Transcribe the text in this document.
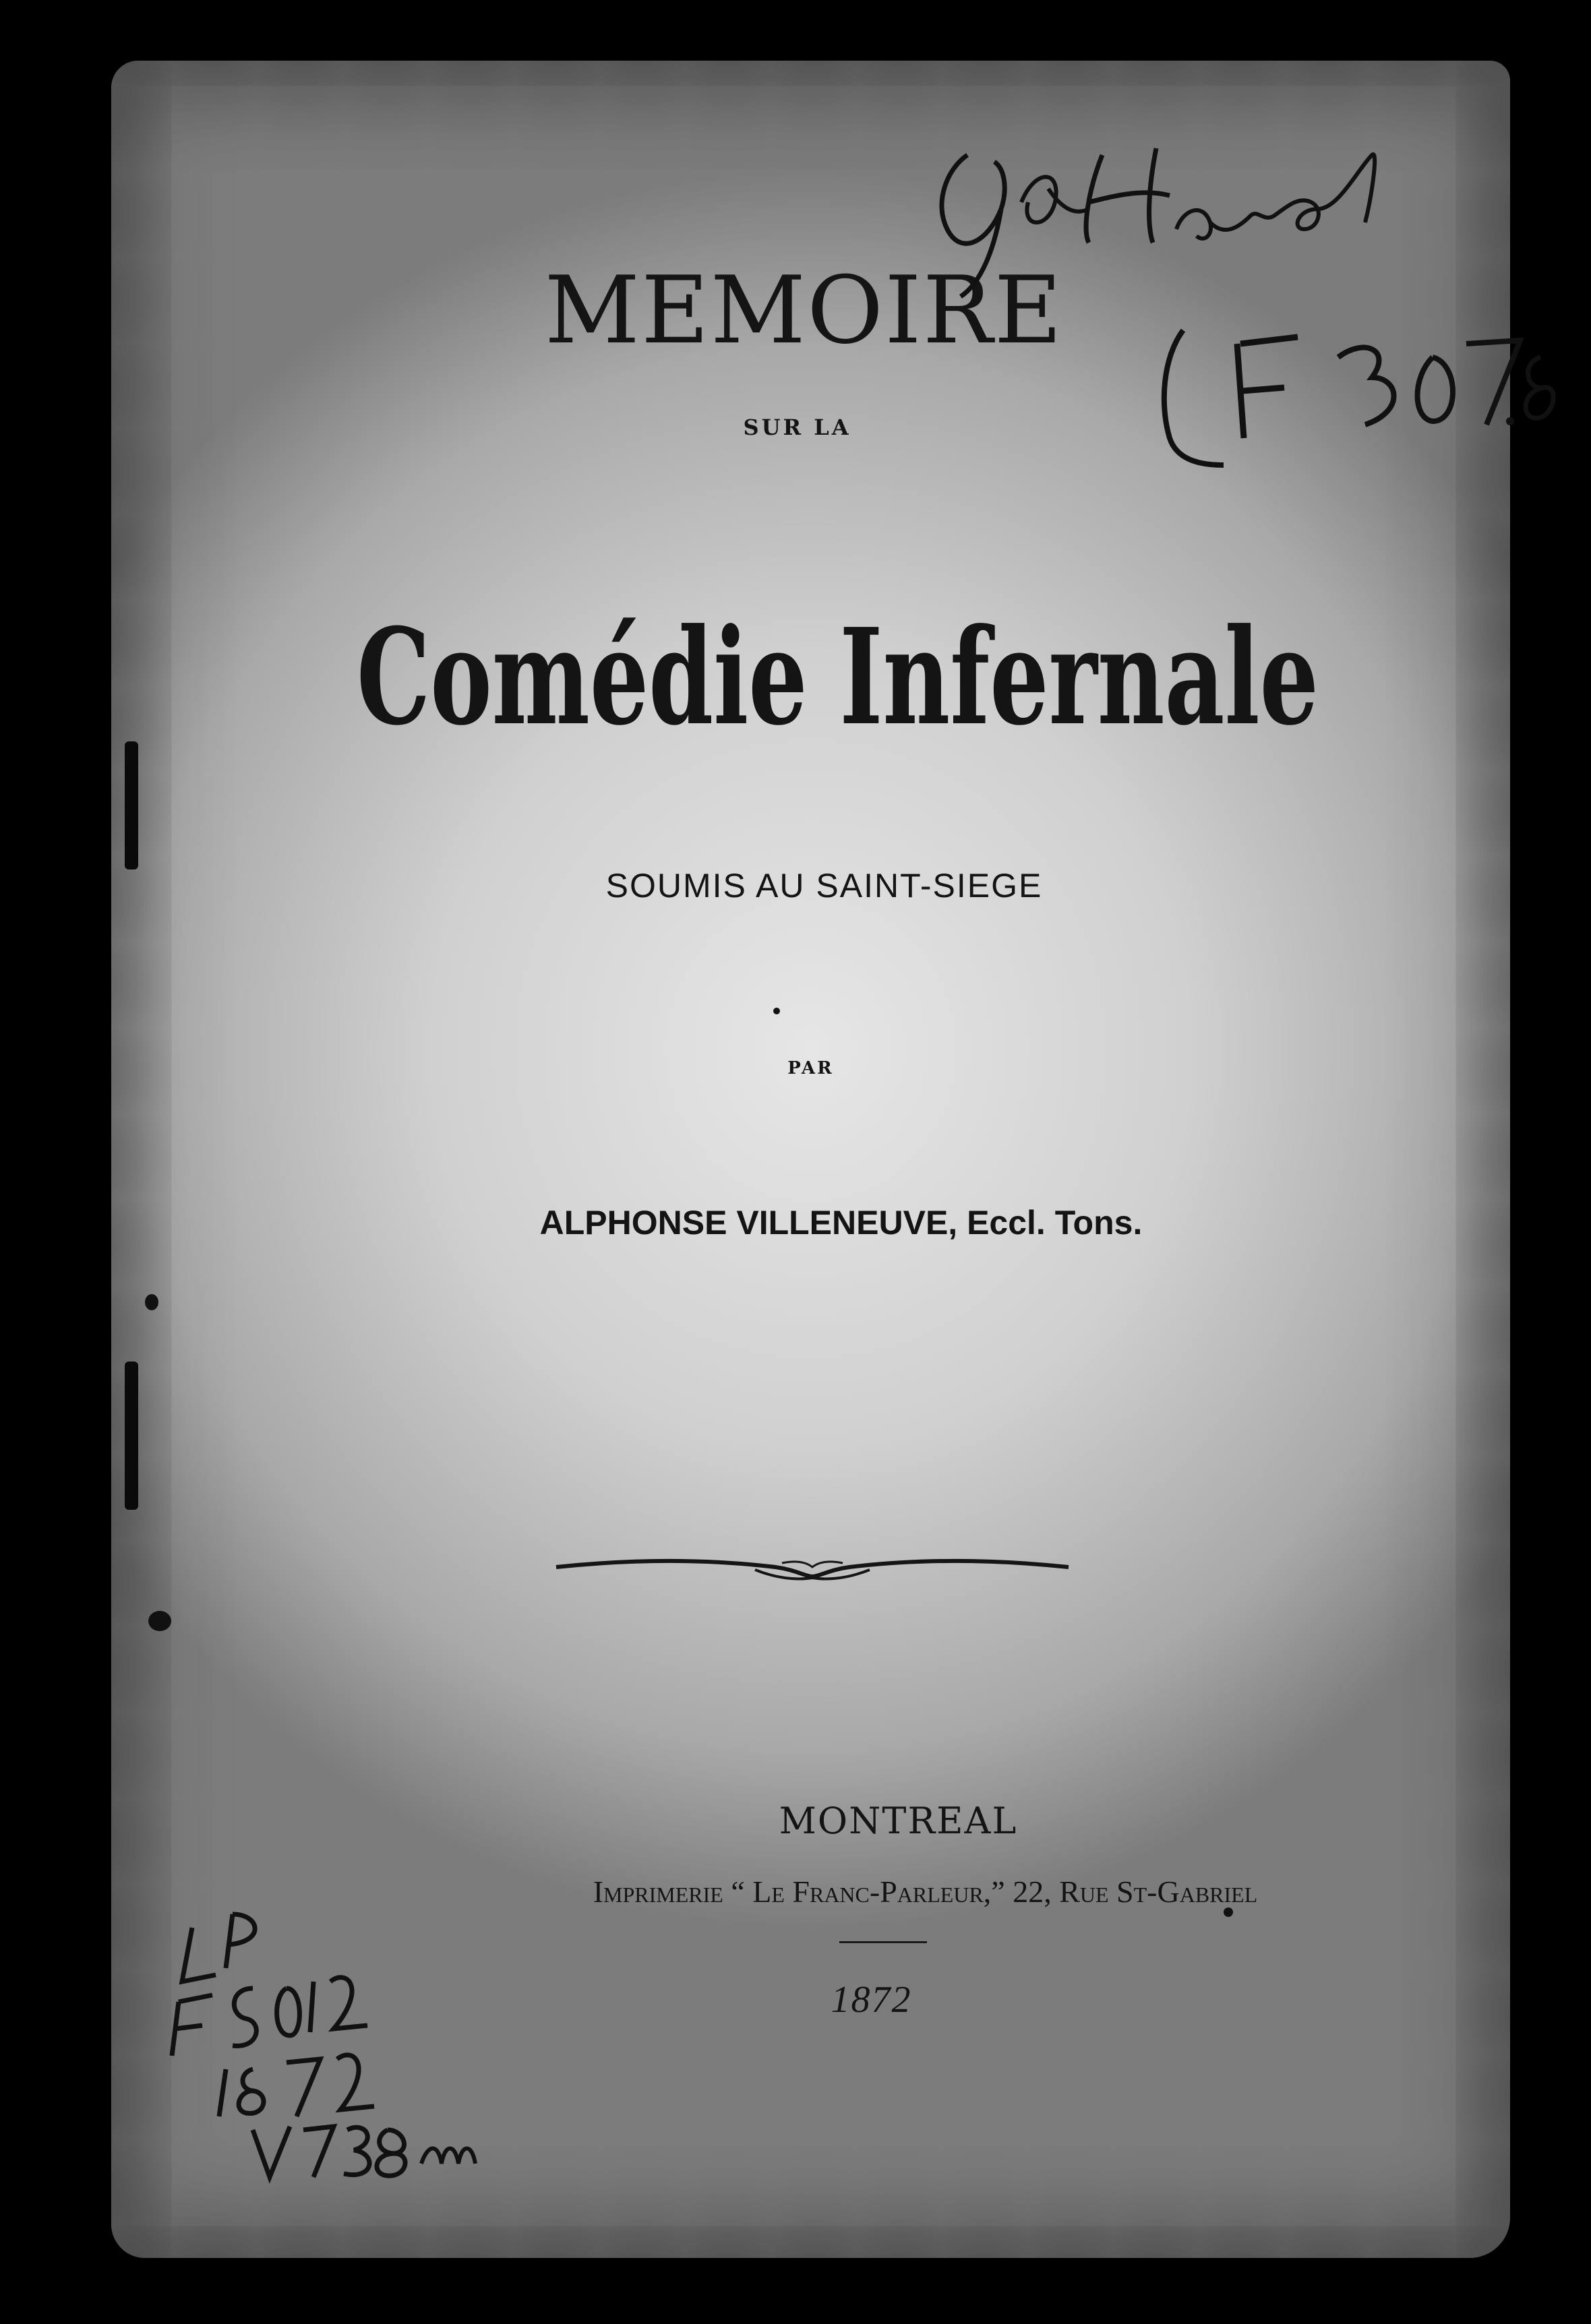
MEMOIRE
SUR LA
Comédie Infernale
SOUMIS AU SAINT-SIEGE
PAR
ALPHONSE VILLENEUVE, Eccl. Tons.
MONTREAL
Imprimerie “ Le Franc-Parleur,” 22, Rue St-Gabriel
1872
